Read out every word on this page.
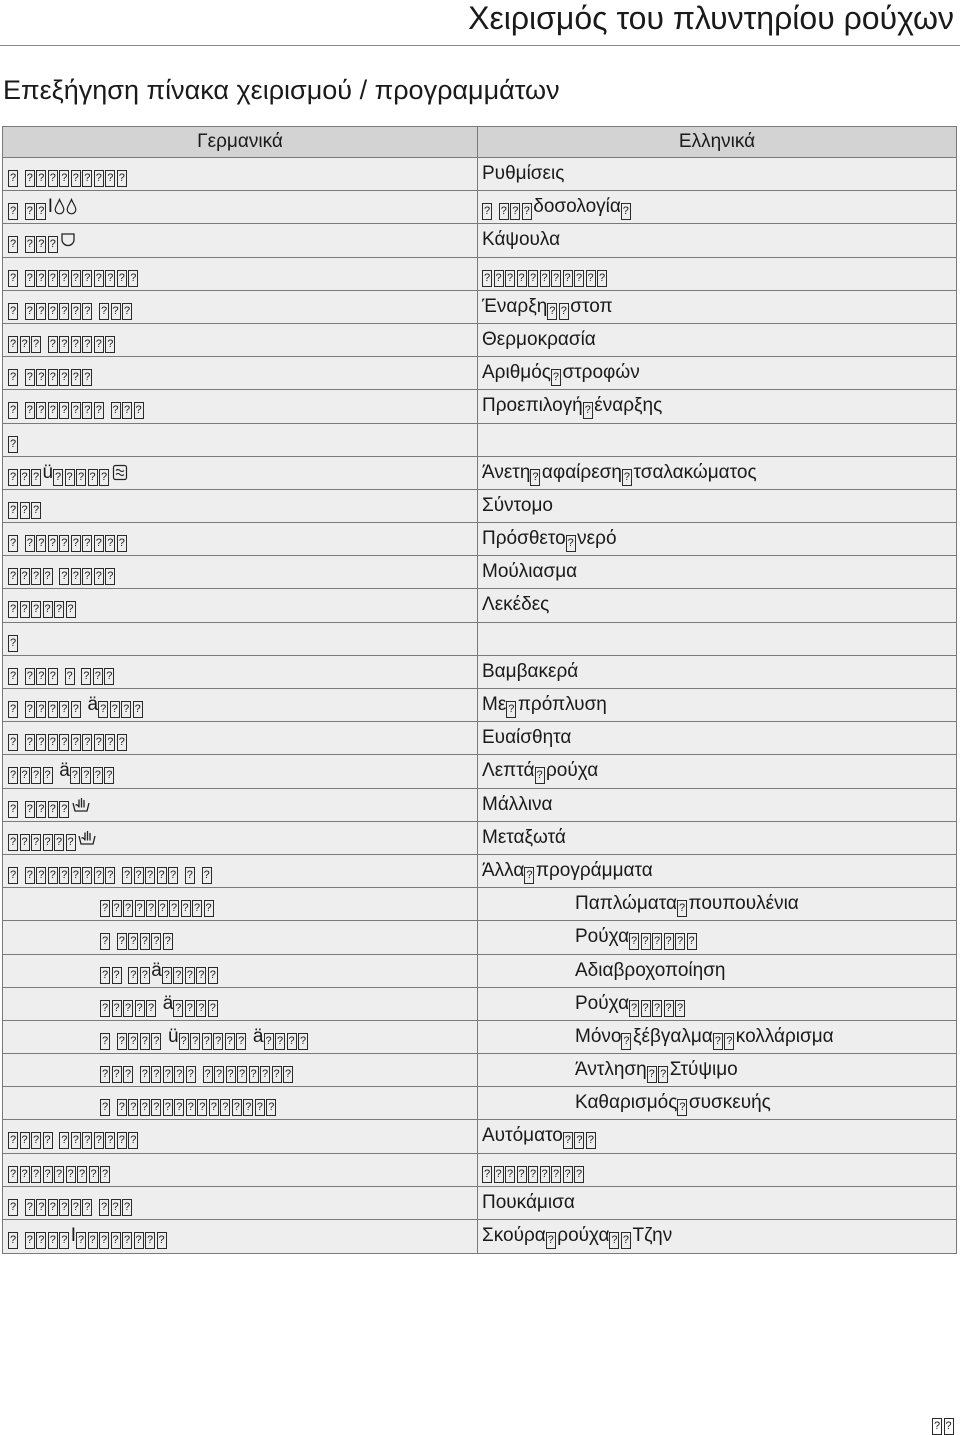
Χειρισμός του πλυντηρίου ρούχων
Επεξήγηση πίνακα χειρισμού / προγραμμάτων
Γερμανικά	Ελληνικά
? ? ? ? ? ? ? ? ? ?	Ρυθμίσεις
? ? ? I	? ? ? ? δοσολογία ?
? ? ? ?	Κάψουλα
? ? ? ? ? ? ? ? ? ? ?	? ? ? ? ? ? ? ? ? ? ?
? ? ? ? ? ? ? ? ? ?	Έναρξη ? ? στοπ
? ? ? ? ? ? ? ? ?	Θερμοκρασία
? ? ? ? ? ? ?	Αριθμός ? στροφών
? ? ? ? ? ? ? ? ? ? ?	Προεπιλογή ? έναρξης
?
? ? ? ü ? ? ? ? ?	Άνετη ? αφαίρεση ? τσαλακώματος
? ? ?	Σύντομο
? ? ? ? ? ? ? ? ? ?	Πρόσθετο ? νερό
? ? ? ? ? ? ? ? ?	Μούλιασμα
? ? ? ? ? ?	Λεκέδες
?
? ? ? ? ? ? ? ?	Βαμβακερά
? ? ? ? ? ? ä ? ? ? ?	Με ? πρόπλυση
? ? ? ? ? ? ? ? ? ?	Ευαίσθητα
? ? ? ? ä ? ? ? ?	Λεπτά ? ρούχα
? ? ? ? ?	Μάλλινα
? ? ? ? ? ?	Μεταξωτά
? ? ? ? ? ? ? ? ? ? ? ? ? ? ? ?	Άλλα ? προγράμματα
? ? ? ? ? ? ? ? ? ?	Παπλώματα ? πουπουλένια
? ? ? ? ? ?	Ρούχα ? ? ? ? ? ?
? ? ? ? ä ? ? ? ? ?	Αδιαβροχοποίηση
? ? ? ? ? ä ? ? ? ?	Ρούχα ? ? ? ? ?
? ? ? ? ? ü ? ? ? ? ? ? ä ? ? ? ?	Μόνο ? ξέβγαλμα ? ? κολλάρισμα
? ? ? ? ? ? ? ? ? ? ? ? ? ? ? ?	Άντληση ? ? Στύψιμο
? ? ? ? ? ? ? ? ? ? ? ? ? ? ?	Καθαρισμός ? συσκευής
? ? ? ? ? ? ? ? ? ? ?	Αυτόματο ? ? ?
? ? ? ? ? ? ? ? ?	? ? ? ? ? ? ? ? ?
? ? ? ? ? ? ? ? ? ?	Πουκάμισα
? ? ? ? ? I ? ? ? ? ? ? ? ?	Σκούρα ? ρούχα ? ? Τζην
? ?
